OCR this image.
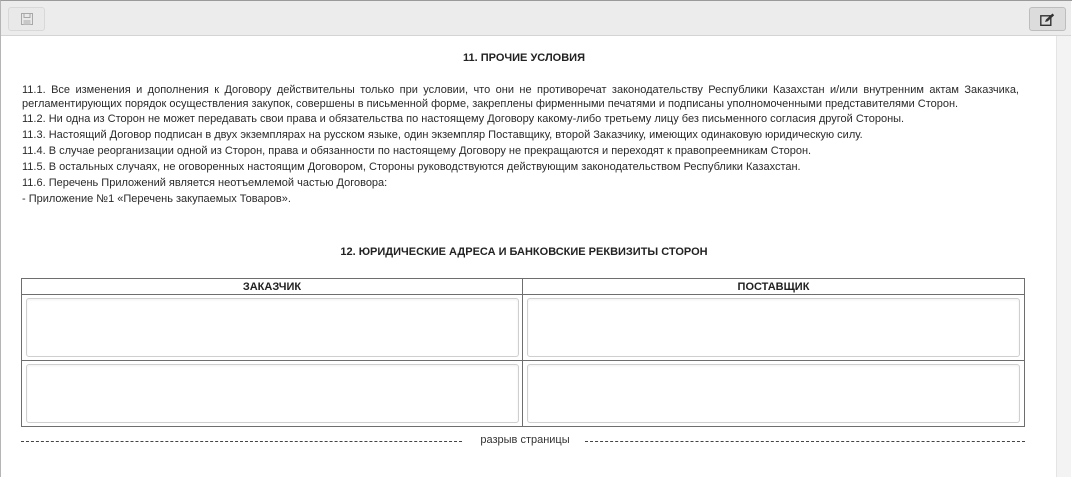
11. ПРОЧИЕ УСЛОВИЯ

11.1. Все изменения и дополнения к Договору действительны только при условии, что они не противоречат законодательству Республики Казахстан и/или внутренним актам Заказчика, регламентирующих порядок осуществления закупок, совершены в письменной форме, закреплены фирменными печатями и подписаны уполномоченными представителями Сторон.

11.2. Ни одна из Сторон не может передавать свои права и обязательства по настоящему Договору какому-либо третьему лицу без письменного согласия другой Стороны.

11.3. Настоящий Договор подписан в двух экземплярах на русском языке, один экземпляр Поставщику, второй Заказчику, имеющих одинаковую юридическую силу.

11.4. В случае реорганизации одной из Сторон, права и обязанности по настоящему Договору не прекращаются и переходят к правопреемникам Сторон.

11.5. В остальных случаях, не оговоренных настоящим Договором, Стороны руководствуются действующим законодательством Республики Казахстан.

11.6. Перечень Приложений является неотъемлемой частью Договора:

- Приложение №1 «Перечень закупаемых Товаров».

12. ЮРИДИЧЕСКИЕ АДРЕСА И БАНКОВСКИЕ РЕКВИЗИТЫ СТОРОН
ЗАКАЗЧИК	ПОСТАВЩИК
разрыв страницы
